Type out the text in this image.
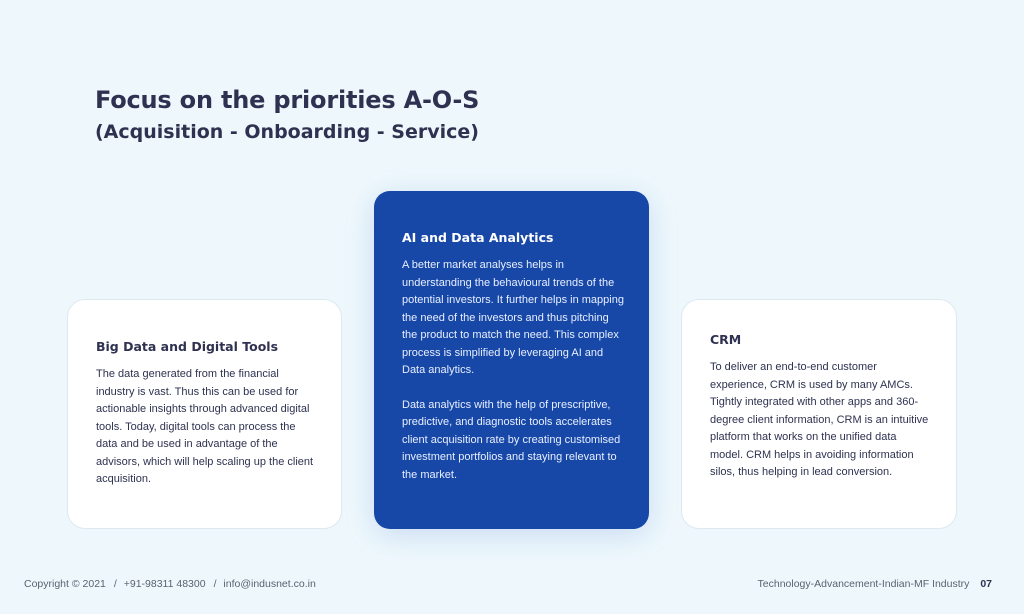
Focus on the priorities A-O-S
(Acquisition - Onboarding - Service)
Big Data and Digital Tools
The data generated from the financial industry is vast. Thus this can be used for actionable insights through advanced digital tools. Today, digital tools can process the data and be used in advantage of the advisors, which will help scaling up the client acquisition.
AI and Data Analytics
A better market analyses helps in understanding the behavioural trends of the potential investors. It further helps in mapping the need of the investors and thus pitching the product to match the need. This complex process is simplified by leveraging AI and Data analytics.
Data analytics with the help of prescriptive, predictive, and diagnostic tools accelerates client acquisition rate by creating customised investment portfolios and staying relevant to the market.
CRM
To deliver an end-to-end customer experience, CRM is used by many AMCs. Tightly integrated with other apps and 360-degree client information, CRM is an intuitive platform that works on the unified data model. CRM helps in avoiding information silos, thus helping in lead conversion.
Copyright © 2021 / +91-98311 48300 / info@indusnet.co.in	Technology-Advancement-Indian-MF Industry 07
